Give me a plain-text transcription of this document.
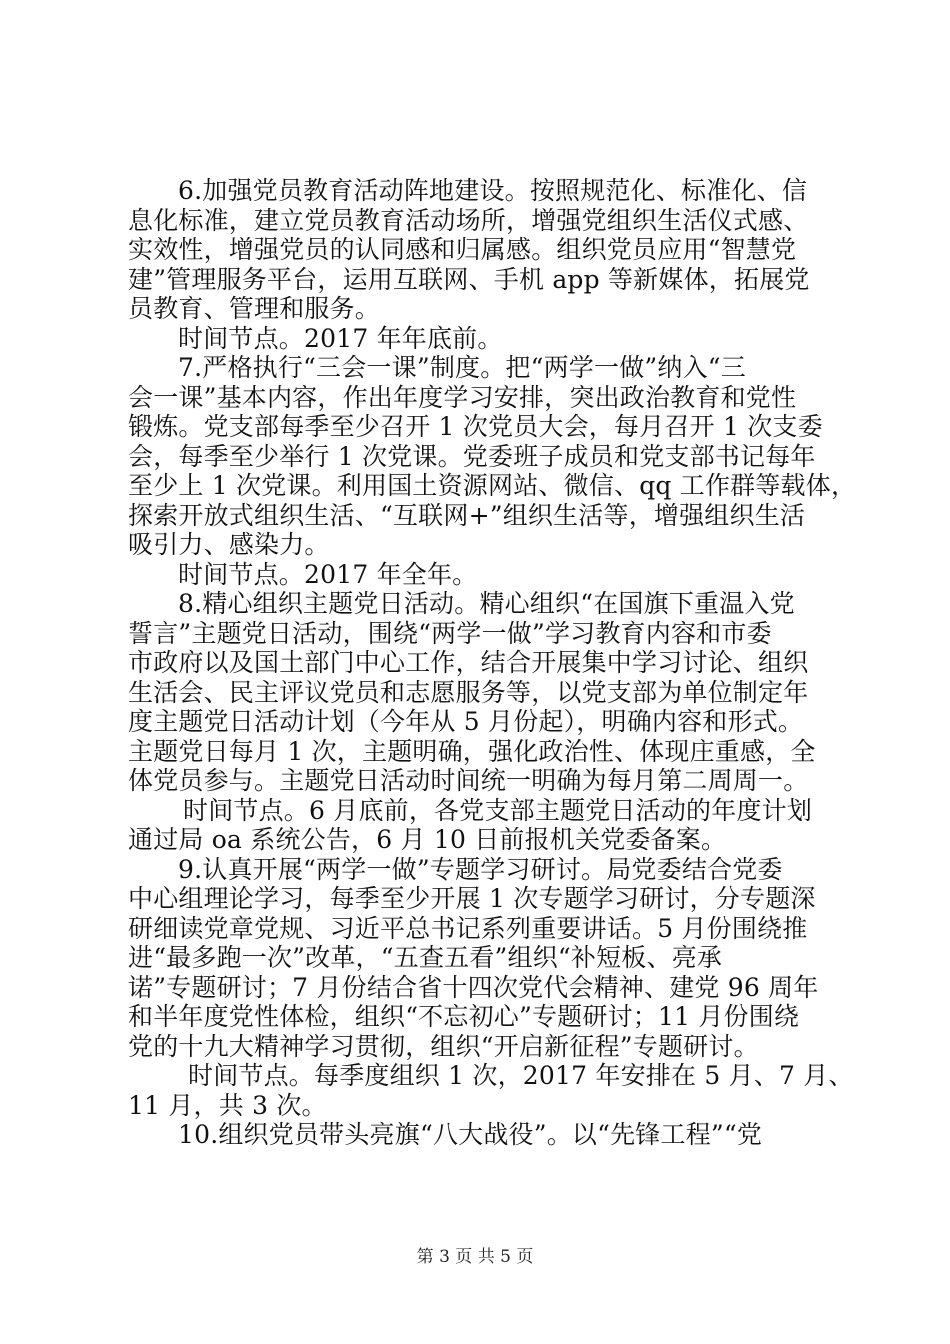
6.加强党员教育活动阵地建设。按照规范化、标准化、信
息化标准，建立党员教育活动场所，增强党组织生活仪式感、
实效性，增强党员的认同感和归属感。组织党员应用“智慧党
建”管理服务平台，运用互联网、手机 app 等新媒体，拓展党
员教育、管理和服务。
时间节点。2017 年年底前。
7.严格执行“三会一课”制度。把“两学一做”纳入“三
会一课”基本内容，作出年度学习安排，突出政治教育和党性
锻炼。党支部每季至少召开 1 次党员大会，每月召开 1 次支委
会，每季至少举行 1 次党课。党委班子成员和党支部书记每年
至少上 1 次党课。利用国土资源网站、微信、qq 工作群等载体，
探索开放式组织生活、“互联网+”组织生活等，增强组织生活
吸引力、感染力。
时间节点。2017 年全年。
8.精心组织主题党日活动。精心组织“在国旗下重温入党
誓言”主题党日活动，围绕“两学一做”学习教育内容和市委
市政府以及国土部门中心工作，结合开展集中学习讨论、组织
生活会、民主评议党员和志愿服务等，以党支部为单位制定年
度主题党日活动计划（今年从 5 月份起），明确内容和形式。
主题党日每月 1 次，主题明确，强化政治性、体现庄重感，全
体党员参与。主题党日活动时间统一明确为每月第二周周一。
时间节点。6 月底前，各党支部主题党日活动的年度计划
通过局 oa 系统公告，6 月 10 日前报机关党委备案。
9.认真开展“两学一做”专题学习研讨。局党委结合党委
中心组理论学习，每季至少开展 1 次专题学习研讨，分专题深
研细读党章党规、习近平总书记系列重要讲话。5 月份围绕推
进“最多跑一次”改革，“五查五看”组织“补短板、亮承
诺”专题研讨；7 月份结合省十四次党代会精神、建党 96 周年
和半年度党性体检，组织“不忘初心”专题研讨；11 月份围绕
党的十九大精神学习贯彻，组织“开启新征程”专题研讨。
时间节点。每季度组织 1 次，2017 年安排在 5 月、7 月、
11 月，共 3 次。
10.组织党员带头亮旗“八大战役”。以“先锋工程”“党
第 3 页 共 5 页
